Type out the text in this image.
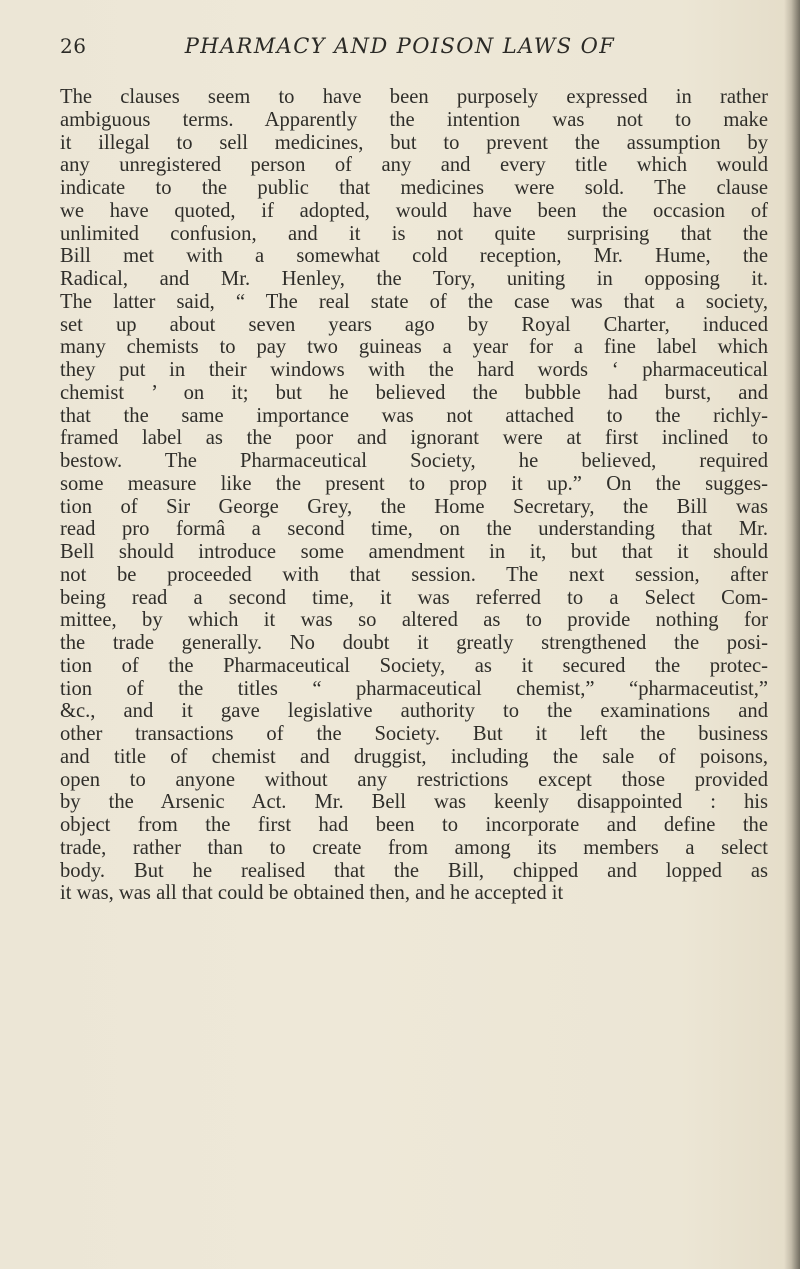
26	PHARMACY AND POISON LAWS OF
The clauses seem to have been purposely expressed in rather
ambiguous terms. Apparently the intention was not to make
it illegal to sell medicines, but to prevent the assumption by
any unregistered person of any and every title which would
indicate to the public that medicines were sold. The clause
we have quoted, if adopted, would have been the occasion of
unlimited confusion, and it is not quite surprising that the
Bill met with a somewhat cold reception, Mr. Hume, the
Radical, and Mr. Henley, the Tory, uniting in opposing it.
The latter said, “ The real state of the case was that a society,
set up about seven years ago by Royal Charter, induced
many chemists to pay two guineas a year for a fine label which
they put in their windows with the hard words ‘ pharmaceutical
chemist ’ on it; but he believed the bubble had burst, and
that the same importance was not attached to the richly-
framed label as the poor and ignorant were at first inclined to
bestow. The Pharmaceutical Society, he believed, required
some measure like the present to prop it up.” On the sugges-
tion of Sir George Grey, the Home Secretary, the Bill was
read pro formâ a second time, on the understanding that Mr.
Bell should introduce some amendment in it, but that it should
not be proceeded with that session. The next session, after
being read a second time, it was referred to a Select Com-
mittee, by which it was so altered as to provide nothing for
the trade generally. No doubt it greatly strengthened the posi-
tion of the Pharmaceutical Society, as it secured the protec-
tion of the titles “ pharmaceutical chemist,” “pharmaceutist,”
&c., and it gave legislative authority to the examinations and
other transactions of the Society. But it left the business
and title of chemist and druggist, including the sale of poisons,
open to anyone without any restrictions except those provided
by the Arsenic Act. Mr. Bell was keenly disappointed : his
object from the first had been to incorporate and define the
trade, rather than to create from among its members a select
body. But he realised that the Bill, chipped and lopped as
it was, was all that could be obtained then, and he accepted it
